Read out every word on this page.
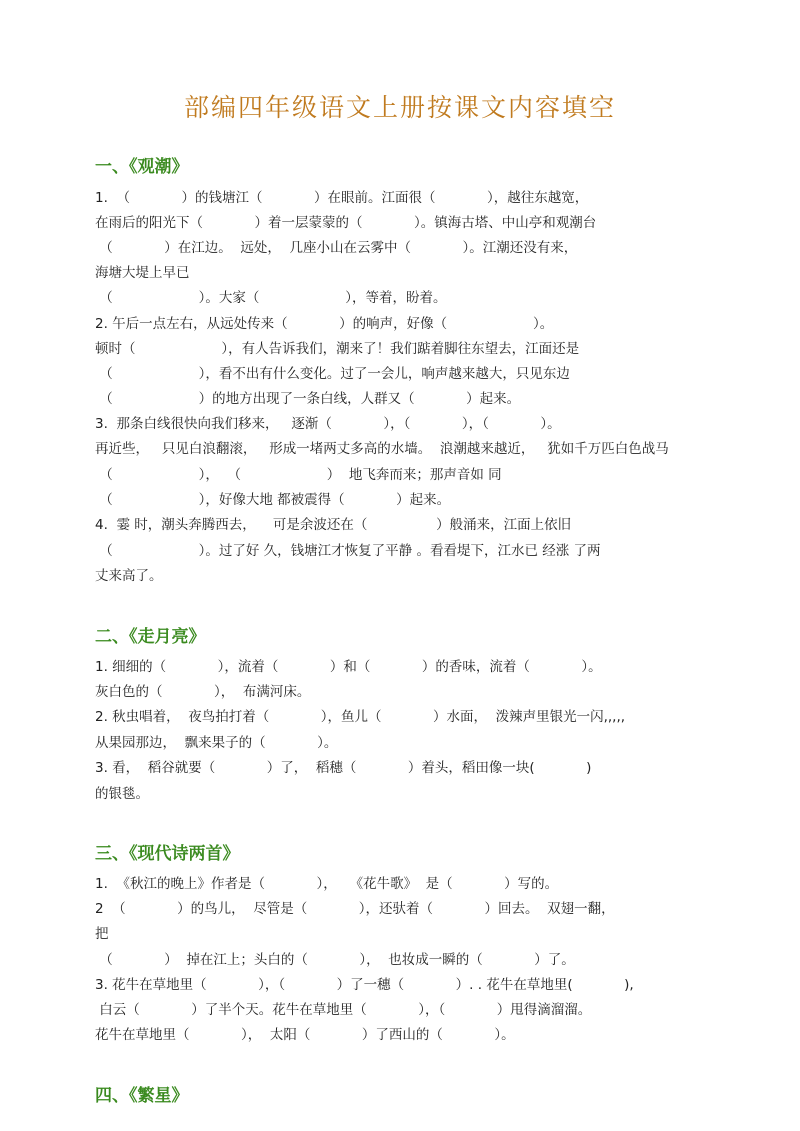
部编四年级语文上册按课文内容填空
一、《观潮》
1.  （            ）的钱塘江（            ）在眼前。江面很（            ），越往东越宽，
在雨后的阳光下（            ）着一层蒙蒙的（            ）。镇海古塔、中山亭和观潮台
（            ）在江边。  远处，  几座小山在云雾中（            ）。江潮还没有来，
海塘大堤上早已
（                    ）。大家（                    ），等着，盼着。
2. 午后一点左右，从远处传来（            ）的响声，好像（                    ）。
顿时（                    ），有人告诉我们，潮来了！我们踮着脚往东望去，江面还是
（                    ），看不出有什么变化。过了一会儿，响声越来越大，只见东边
（                    ）的地方出现了一条白线，人群又（            ）起来。
3.  那条白线很快向我们移来，   逐渐（            ），（            ），（            ）。
再近些，   只见白浪翻滚，   形成一堵两丈多高的水墙。  浪潮越来越近，   犹如千万匹白色战马
（                    ），  （                    ）  地飞奔而来；那声音如 同
（                    ），好像大地 都被震得（            ）起来。
4.  霎 时，潮头奔腾西去，    可是余波还在（                ）般涌来，江面上依旧
（                    ）。过了好 久，钱塘江才恢复了平静 。看看堤下，江水已 经涨 了两
丈来高了。
二、《走月亮》
1. 细细的（            ），流着（            ）和（            ）的香味，流着（            ）。
灰白色的（            ），  布满河床。
2. 秋虫唱着，  夜鸟拍打着（            ），鱼儿（            ）水面，  泼辣声里银光一闪,,,,,
从果园那边，  飘来果子的（            ）。
3. 看，  稻谷就要（            ）了，  稻穗（            ）着头，稻田像一块(            )
的银毯。
三、《现代诗两首》
1.  《秋江的晚上》作者是（            ），   《花牛歌》  是（            ）写的。
2  （            ）的鸟儿，  尽管是（            ），还驮着（            ）回去。  双翅一翻，
把
（            ）  掉在江上；头白的（            ），  也妆成一瞬的（            ）了。
3. 花牛在草地里（            ），（            ）了一穗（            ）. . 花牛在草地里(            ),
白云（            ）了半个天。花牛在草地里（            ），（            ）甩得滴溜溜。
花牛在草地里（            ），  太阳（            ）了西山的（            ）。
四、《繁星》
